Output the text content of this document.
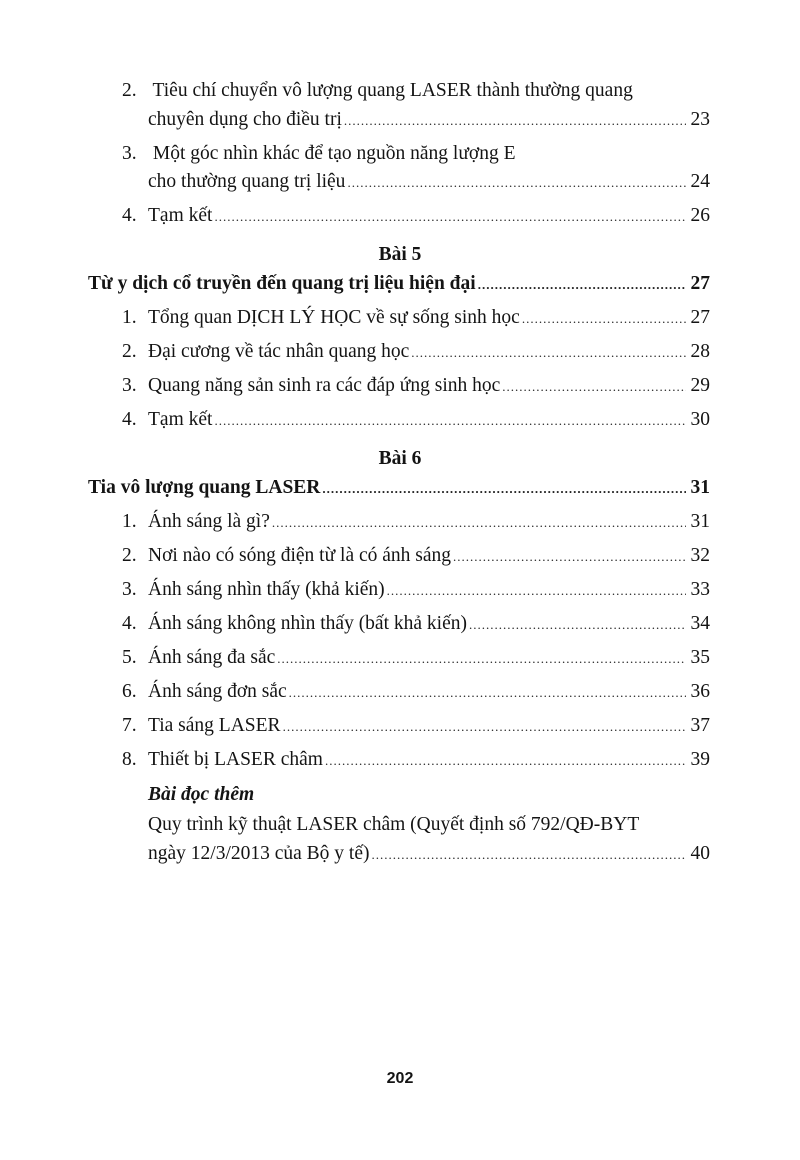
2. Tiêu chí chuyển vô lượng quang LASER thành thường quang
chuyên dụng cho điều trị .....	23
3. Một góc nhìn khác để tạo nguồn năng lượng E
cho thường quang trị liệu .....	24
4. Tạm kết .....	26
Bài 5
Từ y dịch cổ truyền đến quang trị liệu hiện đại .....	27
1. Tổng quan DỊCH LÝ HỌC về sự sống sinh học .....	27
2. Đại cương về tác nhân quang học .....	28
3. Quang năng sản sinh ra các đáp ứng sinh học .....	29
4. Tạm kết .....	30
Bài 6
Tia vô lượng quang LASER .....	31
1. Ánh sáng là gì? .....	31
2. Nơi nào có sóng điện từ là có ánh sáng .....	32
3. Ánh sáng nhìn thấy (khả kiến) .....	33
4. Ánh sáng không nhìn thấy (bất khả kiến) .....	34
5. Ánh sáng đa sắc .....	35
6. Ánh sáng đơn sắc .....	36
7. Tia sáng LASER .....	37
8. Thiết bị LASER châm .....	39
Bài đọc thêm
Quy trình kỹ thuật LASER châm (Quyết định số 792/QĐ-BYT
ngày 12/3/2013 của Bộ y tế) .....	40
202
